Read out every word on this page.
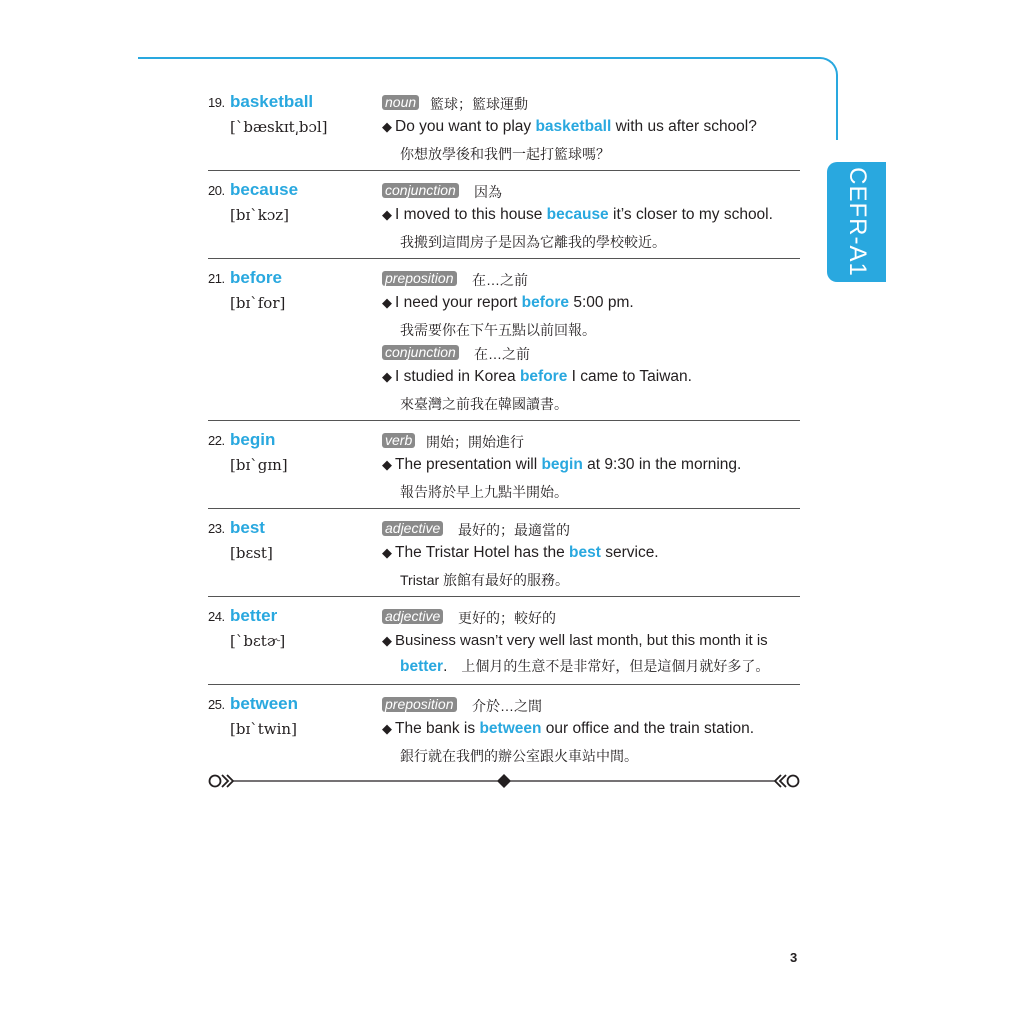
CEFR-A1
19. basketball
[ˋbæskɪt͵bɔl]
noun 籃球；籃球運動
◆ Do you want to play basketball with us after school?
你想放學後和我們一起打籃球嗎？
20. because
[bɪˋkɔz]
conjunction 因為
◆ I moved to this house because it’s closer to my school.
我搬到這間房子是因為它離我的學校較近。
21. before
[bɪˋfor]
preposition 在…之前
◆ I need your report before 5:00 pm.
我需要你在下午五點以前回報。
conjunction 在…之前
◆ I studied in Korea before I came to Taiwan.
來臺灣之前我在韓國讀書。
22. begin
[bɪˋgɪn]
verb 開始；開始進行
◆ The presentation will begin at 9:30 in the morning.
報告將於早上九點半開始。
23. best
[bɛst]
adjective 最好的；最適當的
◆ The Tristar Hotel has the best service.
Tristar 旅館有最好的服務。
24. better
[ˋbɛtɚ]
adjective 更好的；較好的
◆ Business wasn’t very well last month, but this month it is
better. 上個月的生意不是非常好，但是這個月就好多了。
25. between
[bɪˋtwin]
preposition 介於…之間
◆ The bank is between our office and the train station.
銀行就在我們的辦公室跟火車站中間。
3
